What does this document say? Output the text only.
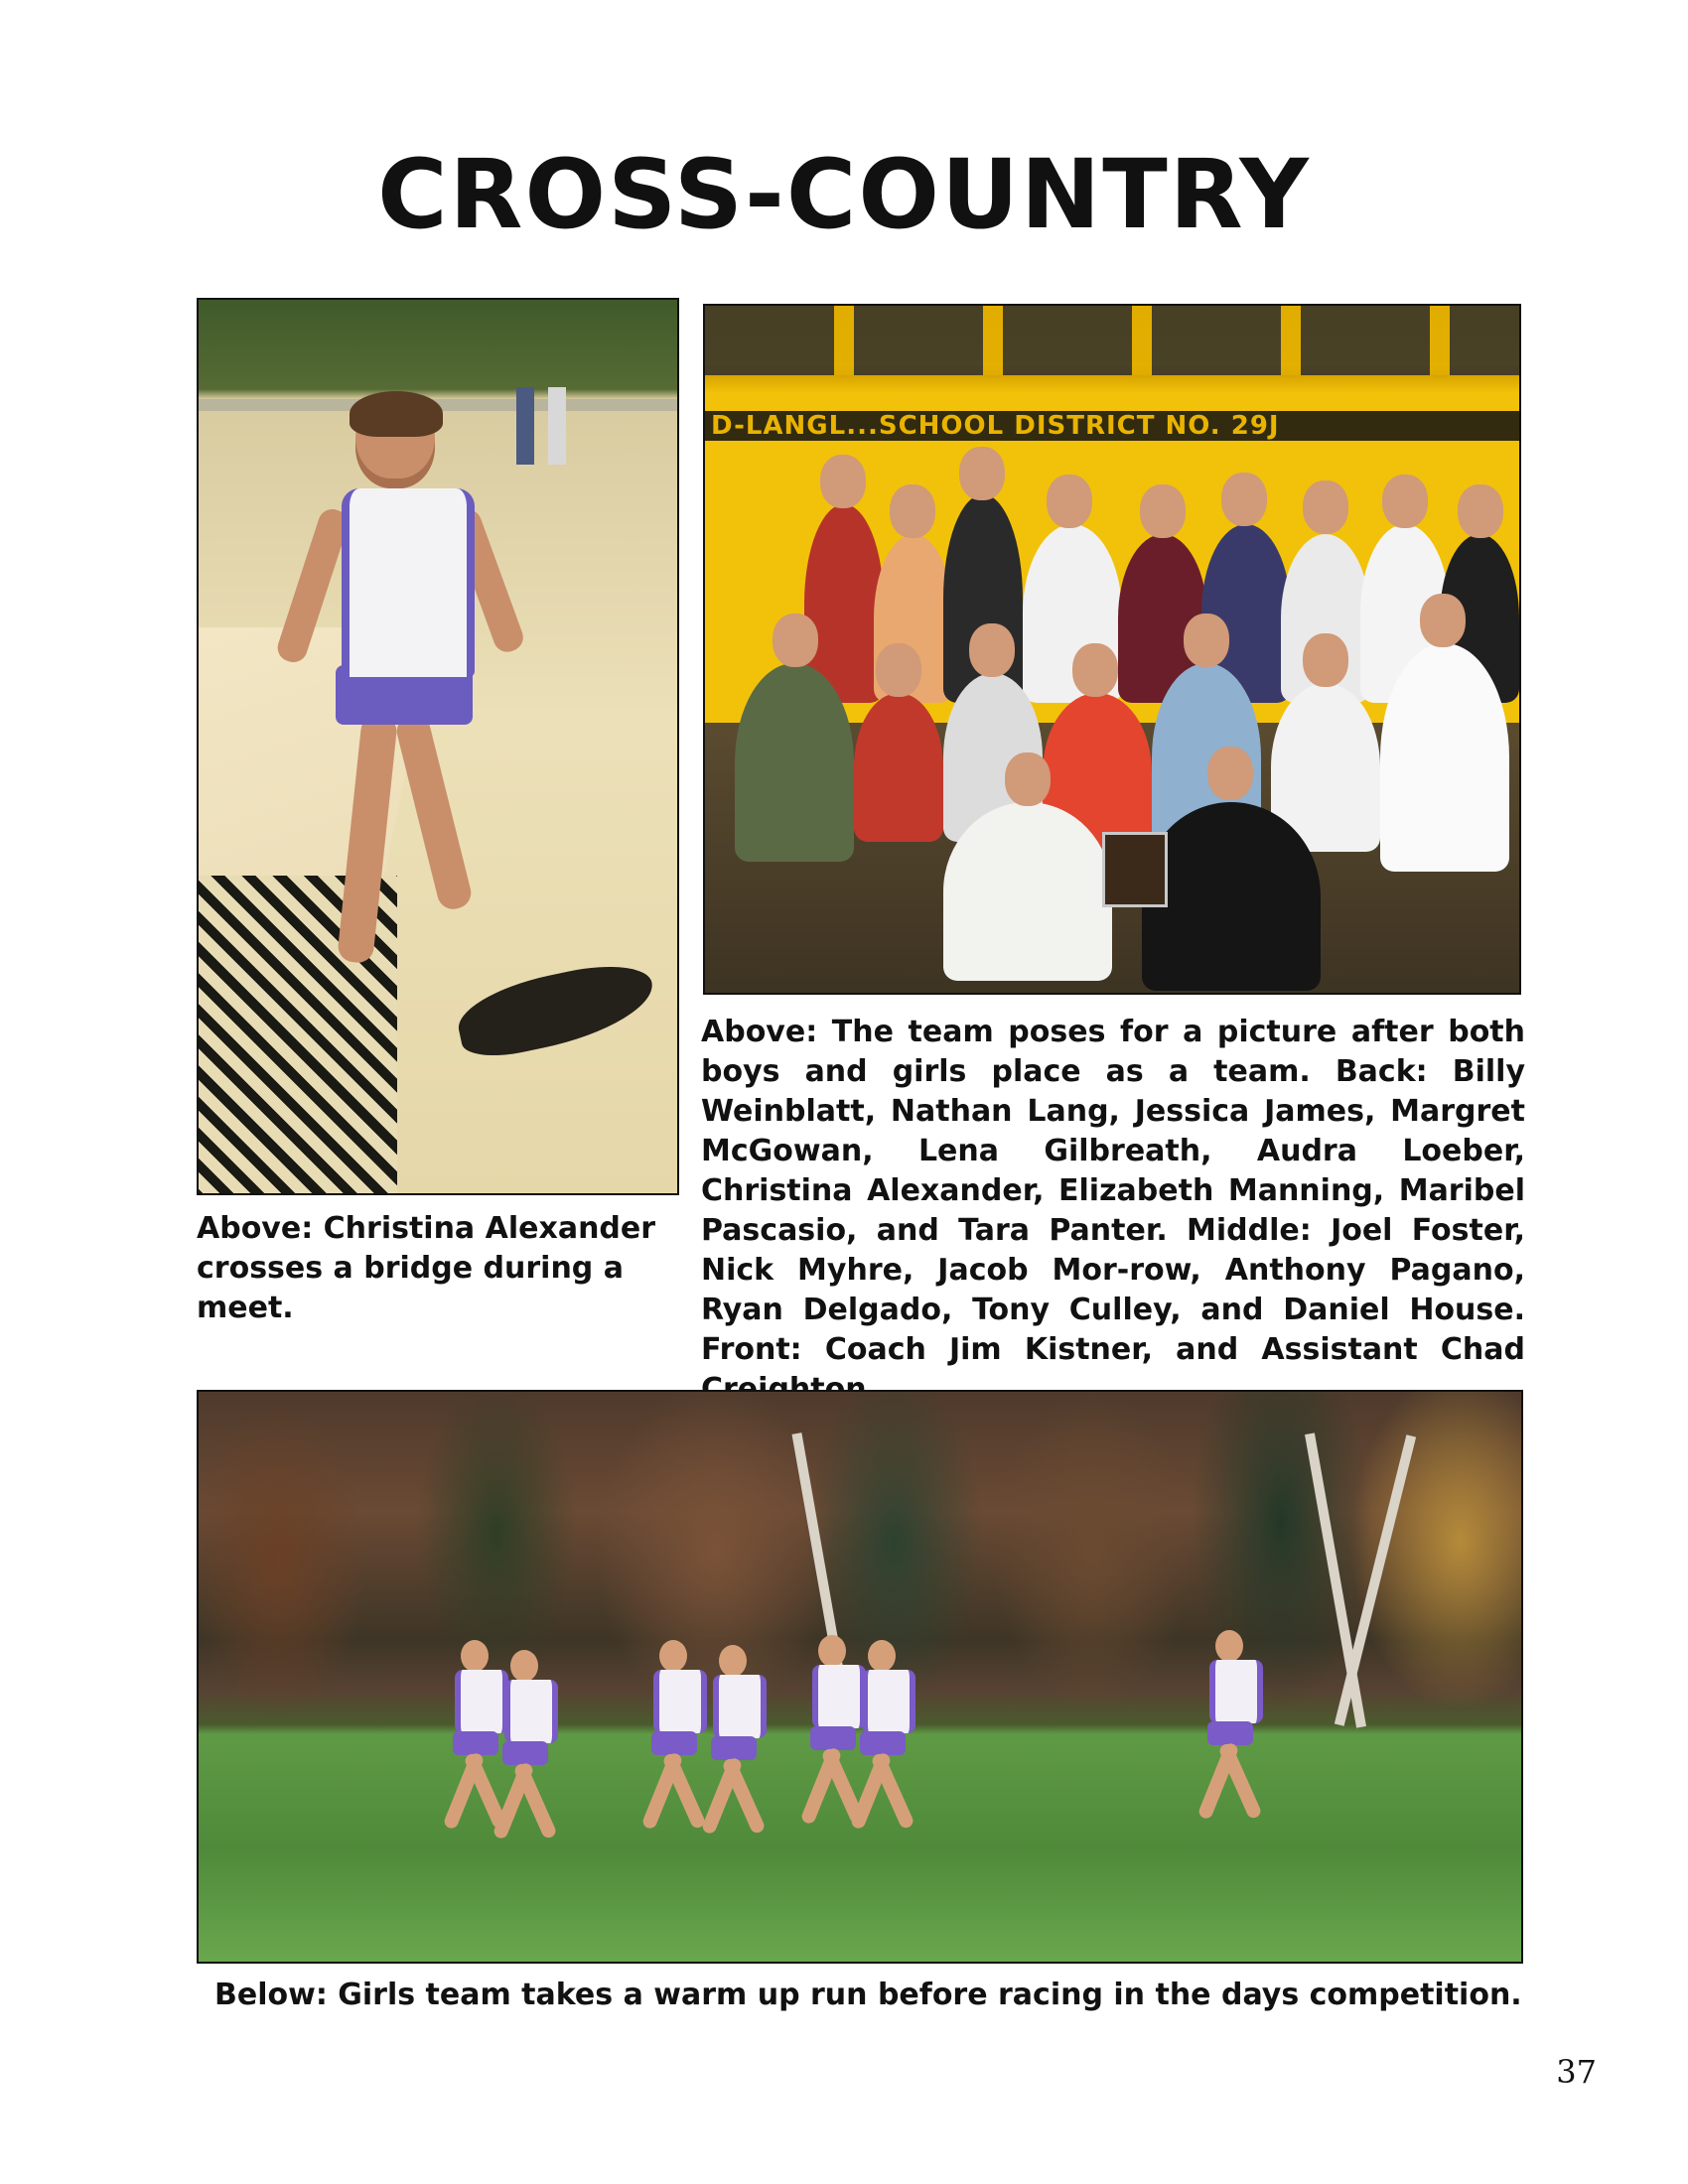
CROSS-COUNTRY
D-LANGL...SCHOOL DISTRICT NO. 29J
Above: Christina Alexander crosses a bridge during a meet.
Above: The team poses for a picture after both boys and girls place as a team. Back: Billy Weinblatt, Nathan Lang, Jessica James, Margret McGowan, Lena Gilbreath, Audra Loeber, Christina Alexander, Elizabeth Manning, Maribel Pascasio, and Tara Panter. Middle: Joel Foster, Nick Myhre, Jacob Mor-row, Anthony Pagano, Ryan Delgado, Tony Culley, and Daniel House. Front: Coach Jim Kistner, and Assistant Chad
Below: Girls team takes a warm up run before racing in the days competition.
37
